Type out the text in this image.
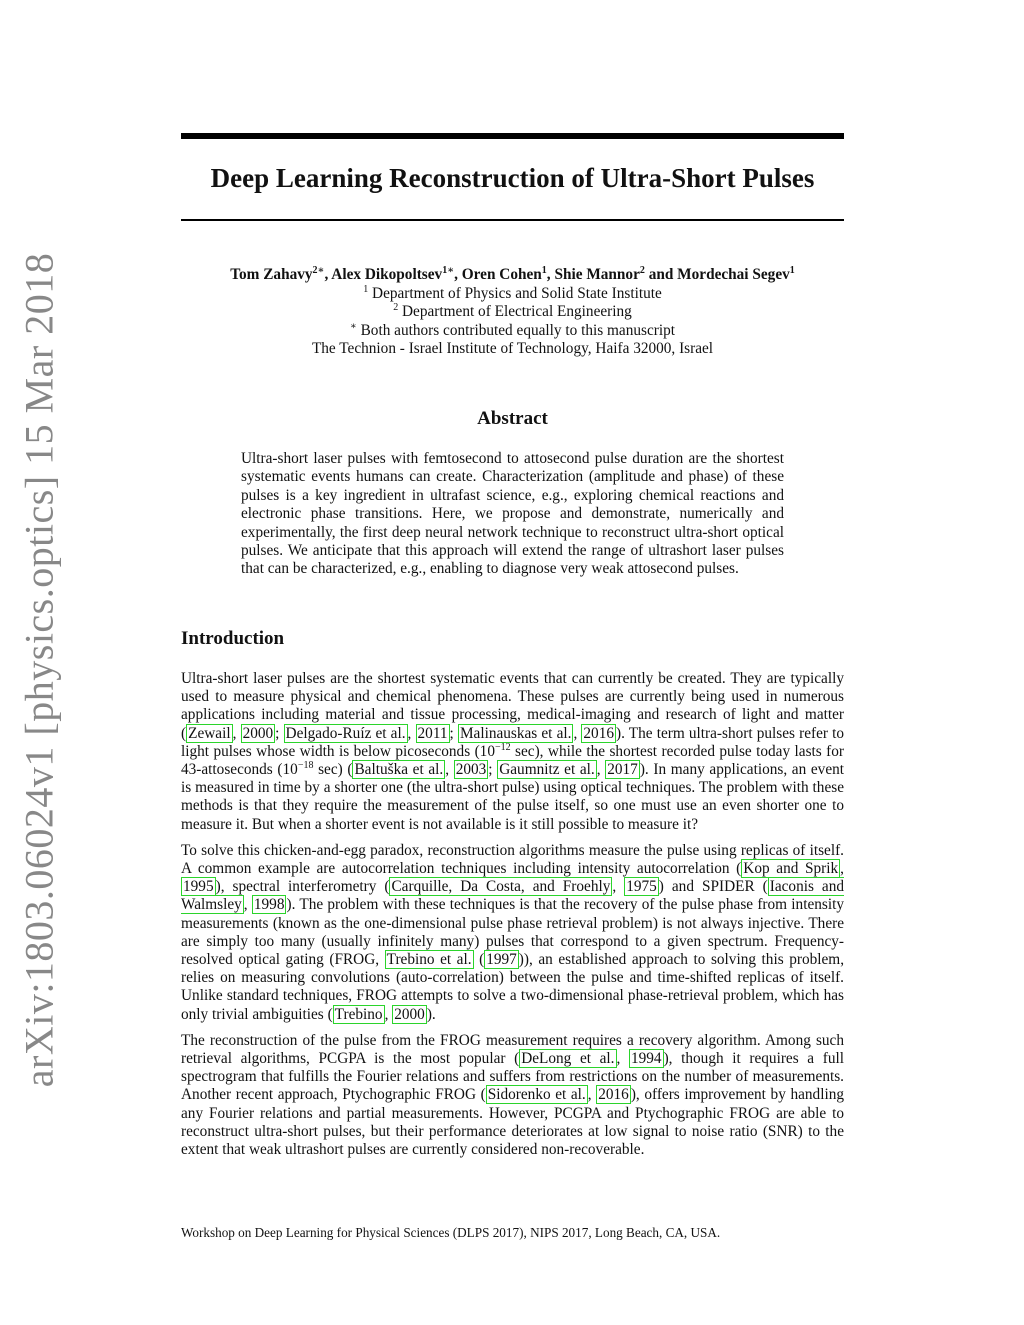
arXiv:1803.06024v1 [physics.optics] 15 Mar 2018
Deep Learning Reconstruction of Ultra-Short Pulses
Tom Zahavy$^{2∗}$, Alex Dikopoltsev$^{1∗}$, Oren Cohen$^1$, Shie Mannor$^2$ and Mordechai Segev$^1$
$^1$ Department of Physics and Solid State Institute
$^2$ Department of Electrical Engineering
∗ Both authors contributed equally to this manuscript
The Technion - Israel Institute of Technology, Haifa 32000, Israel
Abstract
Ultra-short laser pulses with femtosecond to attosecond pulse duration are the shortest systematic events humans can create. Characterization (amplitude and phase) of these pulses is a key ingredient in ultrafast science, e.g., exploring chemical reactions and electronic phase transitions. Here, we propose and demonstrate, numerically and experimentally, the first deep neural network technique to reconstruct ultra-short optical pulses. We anticipate that this approach will extend the range of ultrashort laser pulses that can be characterized, e.g., enabling to diagnose very weak attosecond pulses.
Introduction

Ultra-short laser pulses are the shortest systematic events that can currently be created. They are typically used to measure physical and chemical phenomena. These pulses are currently being used in numerous applications including material and tissue processing, medical-imaging and research of light and matter ( Zewail , 2000 ; Delgado-Ruíz et al. , 2011 ; Malinauskas et al. , 2016 ). The term ultra-short pulses refer to light pulses whose width is below picoseconds ($10^{-12}$ sec), while the shortest recorded pulse today lasts for 43-attoseconds ($10^{-18}$ sec) ( Baltuška et al. , 2003 ; Gaumnitz et al. , 2017 ). In many applications, an event is measured in time by a shorter one (the ultra-short pulse) using optical techniques. The problem with these methods is that they require the measurement of the pulse itself, so one must use an even shorter one to measure it. But when a shorter event is not available is it still possible to measure it?

To solve this chicken-and-egg paradox, reconstruction algorithms measure the pulse using replicas of itself. A common example are autocorrelation techniques including intensity autocorrelation ( Kop and Sprik , 1995 ), spectral interferometry ( Carquille, Da Costa, and Froehly , 1975 ) and SPIDER ( Iaconis and Walmsley , 1998 ). The problem with these techniques is that the recovery of the pulse phase from intensity measurements (known as the one-dimensional pulse phase retrieval problem) is not always injective. There are simply too many (usually infinitely many) pulses that correspond to a given spectrum. Frequency-resolved optical gating (FROG, Trebino et al. ( 1997 )), an established approach to solving this problem, relies on measuring convolutions (auto-correlation) between the pulse and time-shifted replicas of itself. Unlike standard techniques, FROG attempts to solve a two-dimensional phase-retrieval problem, which has only trivial ambiguities ( Trebino , 2000 ).

The reconstruction of the pulse from the FROG measurement requires a recovery algorithm. Among such retrieval algorithms, PCGPA is the most popular ( DeLong et al. , 1994 ), though it requires a full spectrogram that fulfills the Fourier relations and suffers from restrictions on the number of measurements. Another recent approach, Ptychographic FROG ( Sidorenko et al. , 2016 ), offers improvement by handling any Fourier relations and partial measurements. However, PCGPA and Ptychographic FROG are able to reconstruct ultra-short pulses, but their performance deteriorates at low signal to noise ratio (SNR) to the extent that weak ultrashort pulses are currently considered non-recoverable.

Workshop on Deep Learning for Physical Sciences (DLPS 2017), NIPS 2017, Long Beach, CA, USA.
